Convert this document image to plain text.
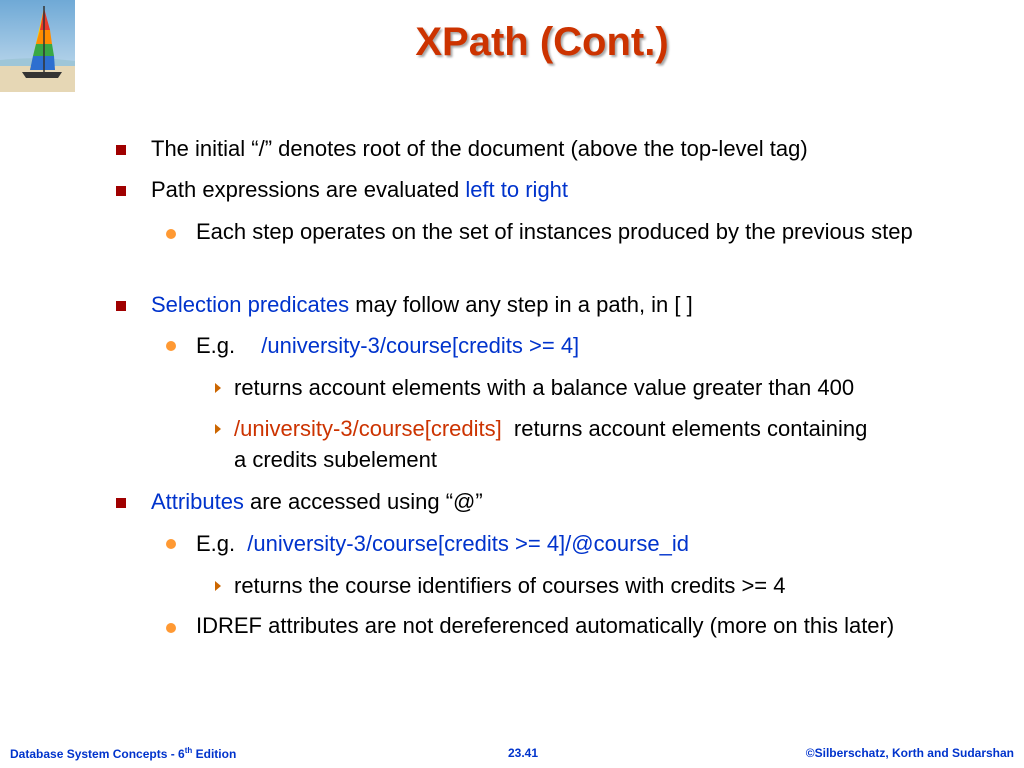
XPath (Cont.)
The initial “/” denotes root of the document (above the top-level tag)
Path expressions are evaluated left to right
Each step operates on the set of instances produced by the previous step
Selection predicates may follow any step in a path, in [ ]
E.g. /university-3/course[credits >= 4]
returns account elements with a balance value greater than 400
/university-3/course[credits] returns account elements containing
a credits subelement
Attributes are accessed using “@”
E.g. /university-3/course[credits >= 4]/@course_id
returns the course identifiers of courses with credits >= 4
IDREF attributes are not dereferenced automatically (more on this later)
Database System Concepts - 6th Edition	23.41	©Silberschatz, Korth and Sudarshan
